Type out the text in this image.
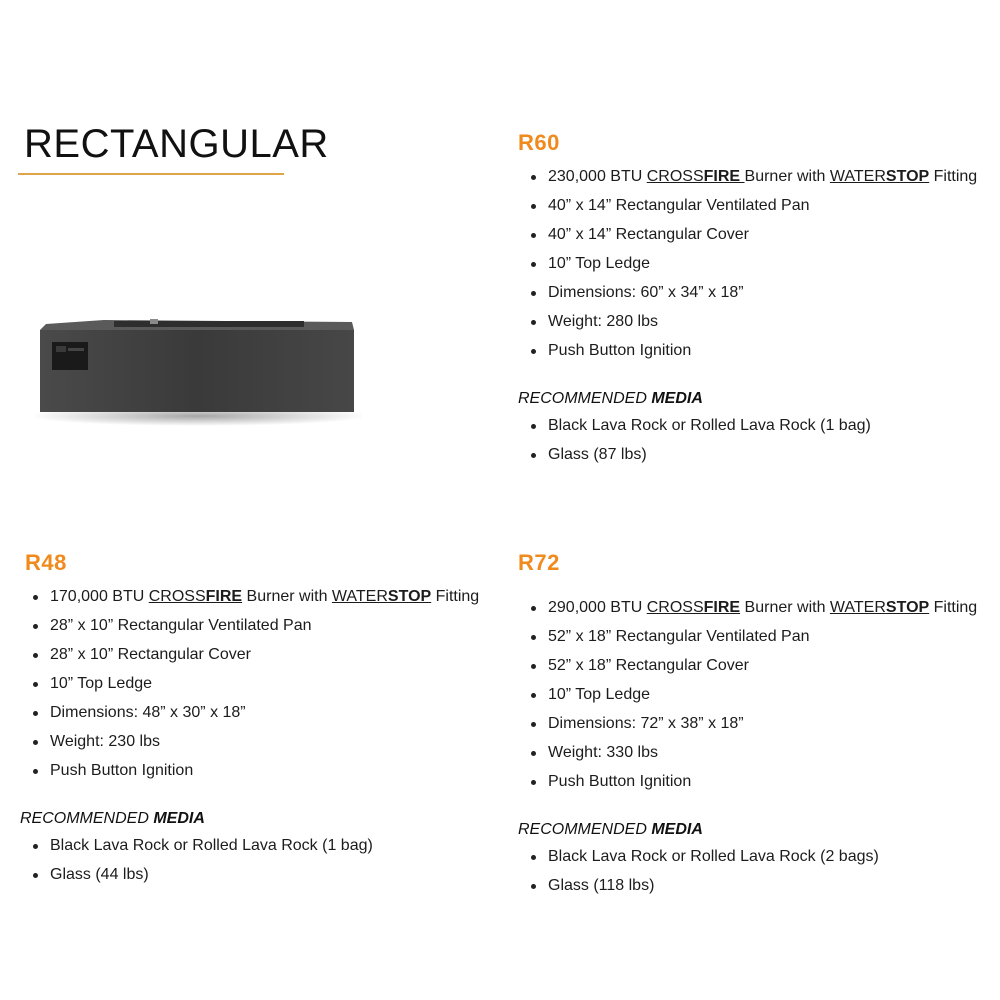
RECTANGULAR	R60
230,000 BTU CROSSFIRE Burner with WATERSTOP Fitting
40” x 14” Rectangular Ventilated Pan
40” x 14” Rectangular Cover
10” Top Ledge
Dimensions: 60” x 34” x 18”
Weight: 280 lbs
Push Button Ignition
RECOMMENDED MEDIA
Black Lava Rock or Rolled Lava Rock (1 bag)
Glass (87 lbs)
R48
170,000 BTU CROSSFIRE Burner with WATERSTOP Fitting
28” x 10” Rectangular Ventilated Pan
28” x 10” Rectangular Cover
10” Top Ledge
Dimensions: 48” x 30” x 18”
Weight: 230 lbs
Push Button Ignition
RECOMMENDED MEDIA
Black Lava Rock or Rolled Lava Rock (1 bag)
Glass (44 lbs)
R72
290,000 BTU CROSSFIRE Burner with WATERSTOP Fitting
52” x 18” Rectangular Ventilated Pan
52” x 18” Rectangular Cover
10” Top Ledge
Dimensions: 72” x 38” x 18”
Weight: 330 lbs
Push Button Ignition
RECOMMENDED MEDIA
Black Lava Rock or Rolled Lava Rock (2 bags)
Glass (118 lbs)
